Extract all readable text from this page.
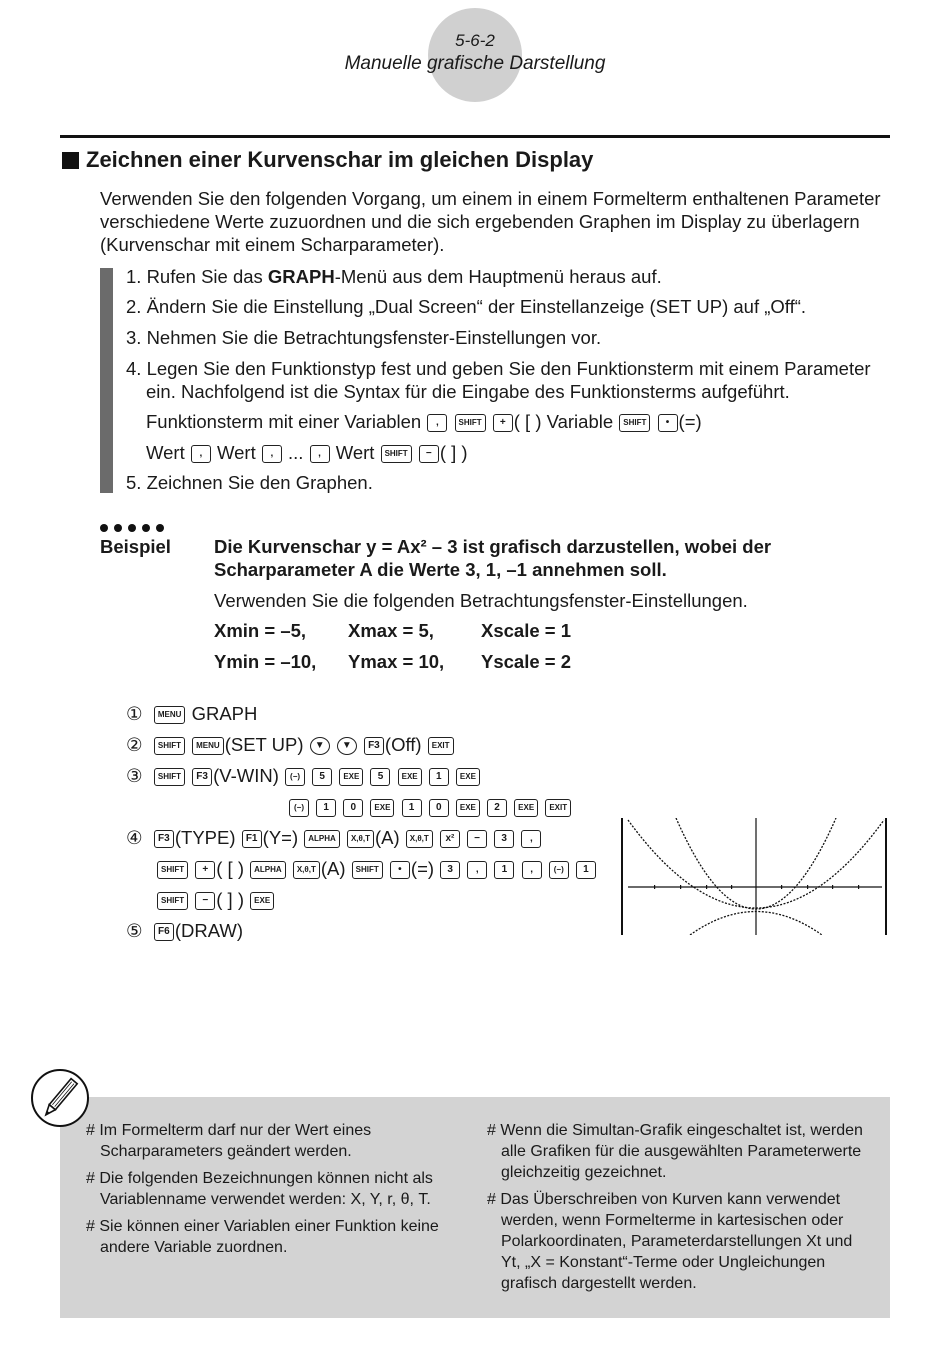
5-6-2
Manuelle grafische Darstellung
Zeichnen einer Kurvenschar im gleichen Display
Verwenden Sie den folgenden Vorgang, um einem in einem Formelterm enthaltenen Parameter verschiedene Werte zuzuordnen und die sich ergebenden Graphen im Display zu überlagern (Kurvenschar mit einem Scharparameter).
1. Rufen Sie das GRAPH-Menü aus dem Hauptmenü heraus auf.
2. Ändern Sie die Einstellung „Dual Screen“ der Einstellanzeige (SET UP) auf „Off“.
3. Nehmen Sie die Betrachtungsfenster-Einstellungen vor.
4. Legen Sie den Funktionstyp fest und geben Sie den Funktionsterm mit einem Parameter ein. Nachfolgend ist die Syntax für die Eingabe des Funktionsterms aufgeführt.
Funktionsterm mit einer Variablen , SHIFT + ( [ ) Variable SHIFT • (=)
Wert , Wert , ... , Wert SHIFT − ( ] )
5. Zeichnen Sie den Graphen.
Beispiel Die Kurvenschar y = Ax² – 3 ist grafisch darzustellen, wobei der
Scharparameter A die Werte 3, 1, –1 annehmen soll.
Verwenden Sie die folgenden Betrachtungsfenster-Einstellungen.
Xmin = –5, Xmax = 5,	Xscale = 1
Ymin = –10, Ymax = 10, Yscale = 2
① MENU GRAPH
② SHIFT MENU (SET UP) ▼ ▼ F3 (Off) EXIT
③ SHIFT F3 (V-WIN) (−) 5 EXE 5 EXE 1 EXE
(−) 1 0 EXE 1 0 EXE 2 EXE EXIT
④ F3 (TYPE) F1 (Y=) ALPHA X,θ,T (A) X,θ,T x² − 3 ,
SHIFT + ( [ ) ALPHA X,θ,T (A) SHIFT • (=) 3 , 1 ,	(−) 1
SHIFT − ( ] ) EXE
⑤ F6 (DRAW)
# Im Formelterm darf nur der Wert eines Scharparameters geändert werden.
# Die folgenden Bezeichnungen können nicht als Variablenname verwendet werden: X, Y, r, θ, T.
# Sie können einer Variablen einer Funktion keine andere Variable zuordnen.
# Wenn die Simultan-Grafik eingeschaltet ist, werden alle Grafiken für die ausgewählten Parameterwerte gleichzeitig gezeichnet.
# Das Überschreiben von Kurven kann verwendet werden, wenn Formelterme in kartesischen oder Polarkoordinaten, Parameterdarstellungen Xt und Yt, „X = Konstant“-Terme oder Ungleichungen grafisch dargestellt werden.
